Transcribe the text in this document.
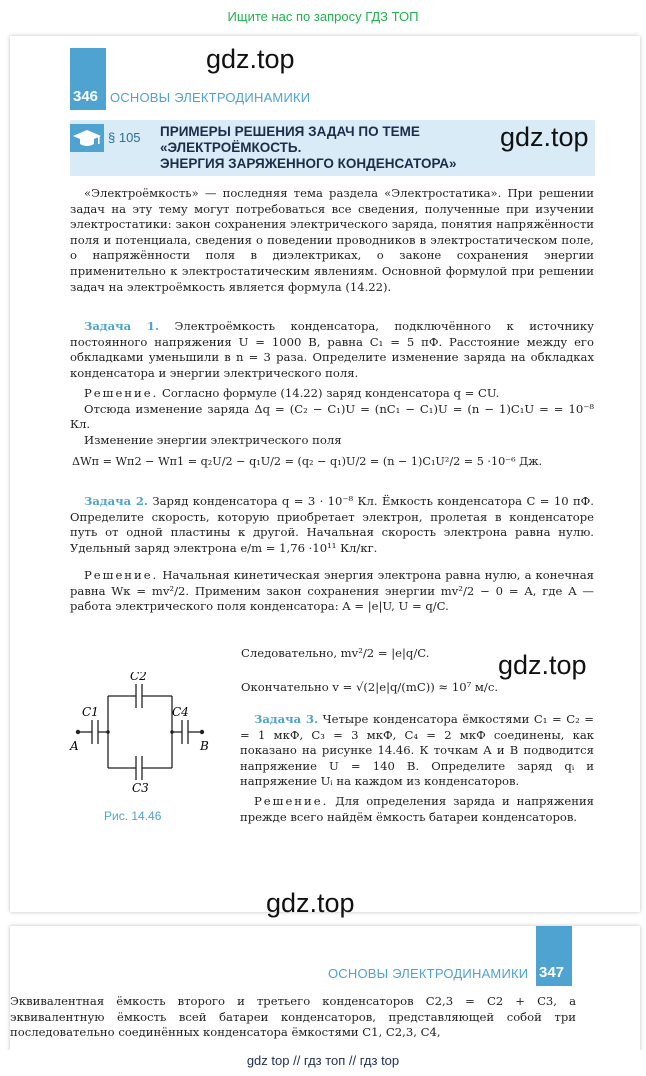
Ищите нас по запросу ГДЗ ТОП
346 ОСНОВЫ ЭЛЕКТРОДИНАМИКИ
§ 105 ПРИМЕРЫ РЕШЕНИЯ ЗАДАЧ ПО ТЕМЕ
«ЭЛЕКТРОЁМКОСТЬ.
ЭНЕРГИЯ ЗАРЯЖЕННОГО КОНДЕНСАТОРА»

«Электроёмкость» — последняя тема раздела «Электростатика». При решении задач на эту тему могут потребоваться все сведения, полученные при изучении электростатики: закон сохранения электрического заряда, понятия напряжённости поля и потенциала, сведения о поведении проводников в электростатическом поле, о напряжённости поля в диэлектриках, о законе сохранения энергии применительно к электростатическим явлениям. Основной формулой при решении задач на электроёмкость является формула (14.22).

Задача 1. Электроёмкость конденсатора, подключённого к источнику постоянного напряжения U = 1000 В, равна C₁ = 5 пФ. Расстояние между его обкладками уменьшили в n = 3 раза. Определите изменение заряда на обкладках конденсатора и энергии электрического поля.

Решение. Согласно формуле (14.22) заряд конденсатора q = CU.

Отсюда изменение заряда Δq = (C₂ − C₁)U = (nC₁ − C₁)U = (n − 1)C₁U = = 10⁻⁸ Кл.

Изменение энергии электрического поля

ΔWп = Wп2 − Wп1 = q₂U/2 − q₁U/2 = (q₂ − q₁)U/2 = (n − 1)C₁U²/2 = 5 ·10⁻⁶ Дж.

Задача 2. Заряд конденсатора q = 3 · 10⁻⁸ Кл. Ёмкость конденсатора C = 10 пФ. Определите скорость, которую приобретает электрон, пролетая в конденсаторе путь от одной пластины к другой. Начальная скорость электрона равна нулю. Удельный заряд электрона e/m = 1,76 ·10¹¹ Кл/кг.

Решение. Начальная кинетическая энергия электрона равна нулю, а конечная равна Wк = mv²/2. Применим закон сохранения энергии mv²/2 − 0 = A, где A — работа электрического поля конденсатора: A = |e|U, U = q/C.

Следовательно, mv²/2 = |e|q/C.
Окончательно v = √(2|e|q/(mC)) ≈ 10⁷ м/с.
C1
C2
C4
C3
A	B
Рис. 14.46

Задача 3. Четыре конденсатора ёмкостями C₁ = C₂ = = 1 мкФ, C₃ = 3 мкФ, C₄ = 2 мкФ соединены, как показано на рисунке 14.46. К точкам A и B подводится напряжение U = 140 В. Определите заряд qᵢ и напряжение Uᵢ на каждом из конденсаторов.

Решение. Для определения заряда и напряжения прежде всего найдём ёмкость батареи конденсаторов.

gdz.top
gdz.top
gdz.top
gdz.top
ОСНОВЫ ЭЛЕКТРОДИНАМИКИ 347
Эквивалентная ёмкость второго и третьего конденсаторов C2,3 = C2 + C3, а эквивалентную ёмкость всей батареи конденсаторов, представляющей собой три последовательно соединённых конденсатора ёмкостями C1, C2,3, C4,
gdz top // гдз топ // гдз top
